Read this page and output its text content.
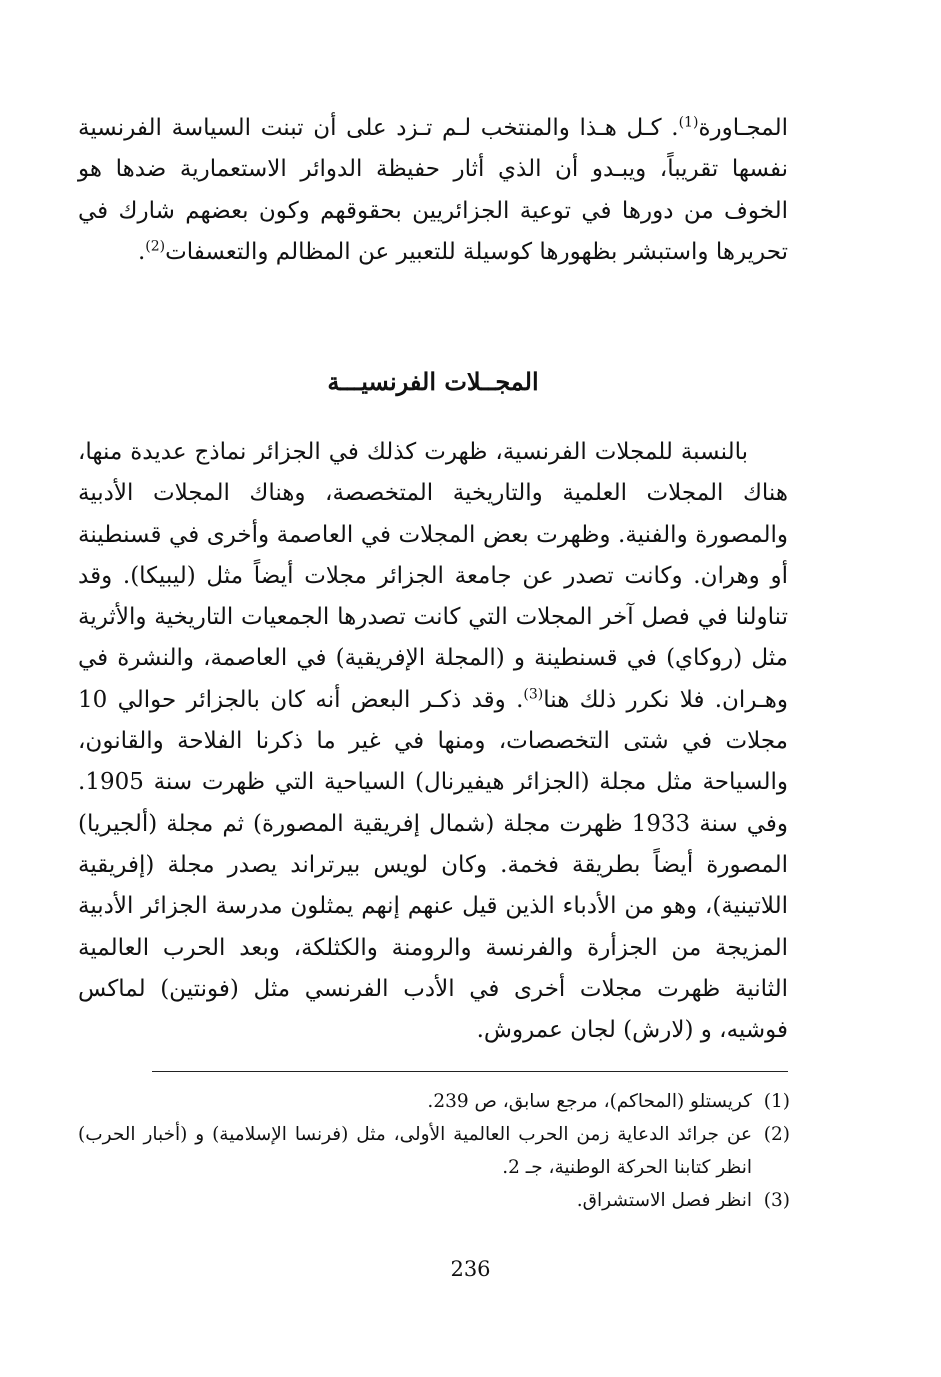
المجـاورة$^{(1)}$. كـل هـذا والمنتخب لـم تـزد على أن تبنت السياسة الفرنسية نفسها تقريباً، ويبـدو أن الذي أثار حفيظة الدوائر الاستعمارية ضدها هو الخوف من دورها في توعية الجزائريين بحقوقهم وكون بعضهم شارك في تحريرها واستبشر بظهورها كوسيلة للتعبير عن المظالم والتعسفات$^{(2)}$.

المجــلات الفرنسيـــة

بالنسبة للمجلات الفرنسية، ظهرت كذلك في الجزائر نماذج عديدة منها، هناك المجلات العلمية والتاريخية المتخصصة، وهناك المجلات الأدبية والمصورة والفنية. وظهرت بعض المجلات في العاصمة وأخرى في قسنطينة أو وهران. وكانت تصدر عن جامعة الجزائر مجلات أيضاً مثل (ليبيكا). وقد تناولنا في فصل آخر المجلات التي كانت تصدرها الجمعيات التاريخية والأثرية مثل (روكاي) في قسنطينة و (المجلة الإفريقية) في العاصمة، والنشرة في وهـران. فلا نكرر ذلك هنا$^{(3)}$. وقد ذكـر البعض أنه كان بالجزائر حوالي 10 مجلات في شتى التخصصات، ومنها في غير ما ذكرنا الفلاحة والقانون، والسياحة مثل مجلة (الجزائر هيفيرنال) السياحية التي ظهرت سنة 1905. وفي سنة 1933 ظهرت مجلة (شمال إفريقية المصورة) ثم مجلة (ألجيريا) المصورة أيضاً بطريقة فخمة. وكان لويس بيرتراند يصدر مجلة (إفريقية اللاتينية)، وهو من الأدباء الذين قيل عنهم إنهم يمثلون مدرسة الجزائر الأدبية المزيجة من الجزأرة والفرنسة والرومنة والكثلكة، وبعد الحرب العالمية الثانية ظهرت مجلات أخرى في الأدب الفرنسي مثل (فونتين) لماكس فوشيه، و (لارش) لجان عمروش.

(1)
كريستلو (المحاكم)، مرجع سابق، ص 239.
(2)
عن جرائد الدعاية زمن الحرب العالمية الأولى، مثل (فرنسا الإسلامية) و (أخبار الحرب) انظر كتابنا الحركة الوطنية، جـ 2.
(3)
انظر فصل الاستشراق.
236
